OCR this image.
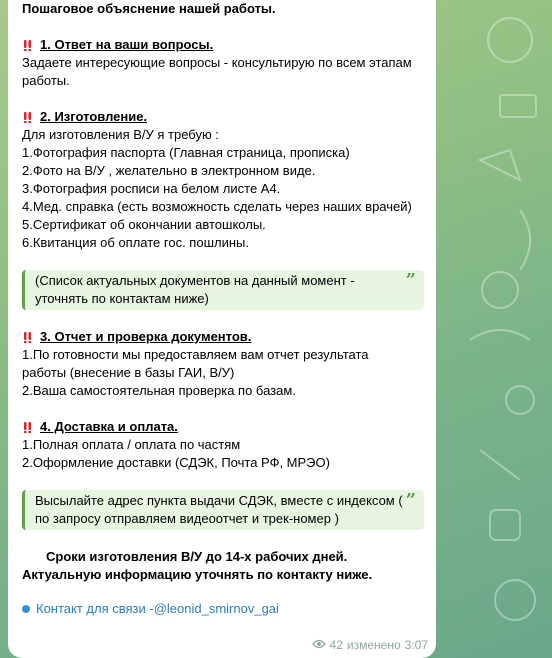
Пошаговое объяснение нашей работы.

1. Ответ на ваши вопросы.
Задаете интересующие вопросы - консультирую по всем этапам
работы.
2. Изготовление.
Для изготовления В/У я требую :
1.Фотография паспорта (Главная страница, прописка)
2.Фото на В/У , желательно в электронном виде.
3.Фотография росписи на белом листе А4.
4.Мед. справка (есть возможность сделать через наших врачей)
5.Сертификат об окончании автошколы.
6.Квитанция об оплате гос. пошлины.
(Список актуальных документов на данный момент -
уточнять по контактам ниже)
”
3. Отчет и проверка документов.
1.По готовности мы предоставляем вам отчет результата
работы (внесение в базы ГАИ, В/У)
2.Ваша самостоятельная проверка по базам.
4. Доставка и оплата.
1.Полная оплата / оплата по частям
2.Оформление доставки (СДЭК, Почта РФ, МРЭО)
Высылайте адрес пункта выдачи СДЭК, вместе с индексом (
по запросу отправляем видеоотчет и трек-номер )
”
Сроки изготовления В/У до 14-х рабочих дней.
Актуальную информацию уточнять по контакту ниже.
Контакт для связи - @leonid_smirnov_gai
42 изменено 3:07
